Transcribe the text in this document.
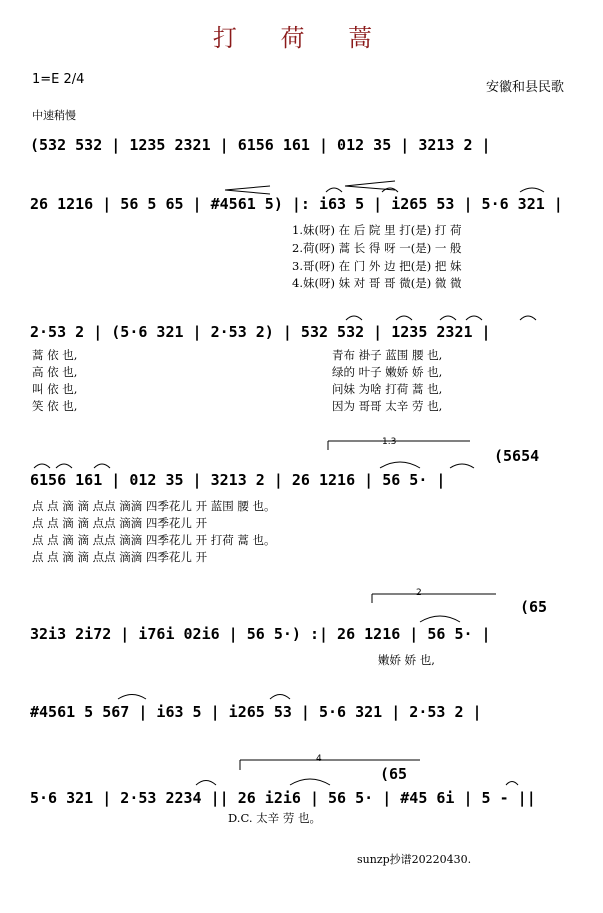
打 荷 蒿
1=E 2/4
安徽和县民歌
中速稍慢
(532 532 | 1235 2321 | 6156 161 | 012 35 | 3213 2 |
26 1216 | 56 5 65 | #4561 5) |: i63 5 | i265 53 | 5·6 321 |
1.妹(呀) 在 后 院 里 打(是) 打 荷
2.荷(呀) 蒿 长 得 呀 一(是) 一 般
3.哥(呀) 在 门 外 边 把(是) 把 妹
4.妹(呀) 妹 对 哥 哥 微(是) 微 微
2·53 2 | (5·6 321 | 2·53 2) | 532 532 | 1235 2321 |
蒿 依 也,
高 依 也,
叫 依 也,
笑 依 也,
青布 褂子 蓝围 腰 也,
绿的 叶子 嫩娇 娇 也,
问妹 为啥 打荷 蒿 也,
因为 哥哥 太辛 劳 也,
1.3
(5654
6156 161 | 012 35 | 3213 2 | 26 1216 | 56 5· |
点 点 滴 滴 点点 滴滴 四季花儿 开 蓝围 腰 也。
点 点 滴 滴 点点 滴滴 四季花儿 开
点 点 滴 滴 点点 滴滴 四季花儿 开 打荷 蒿 也。
点 点 滴 滴 点点 滴滴 四季花儿 开
2
(65
32i3 2i72 | i76i 02i6 | 56 5·) :| 26 1216 | 56 5· |
嫩娇 娇 也,
#4561 5 567 | i63 5 | i265 53 | 5·6 321 | 2·53 2 |
4
(65
5·6 321 | 2·53 2234 || 26 i2i6 | 56 5· | #45 6i | 5 - ||
D.C. 太辛 劳 也。
sunzp抄谱20220430.
